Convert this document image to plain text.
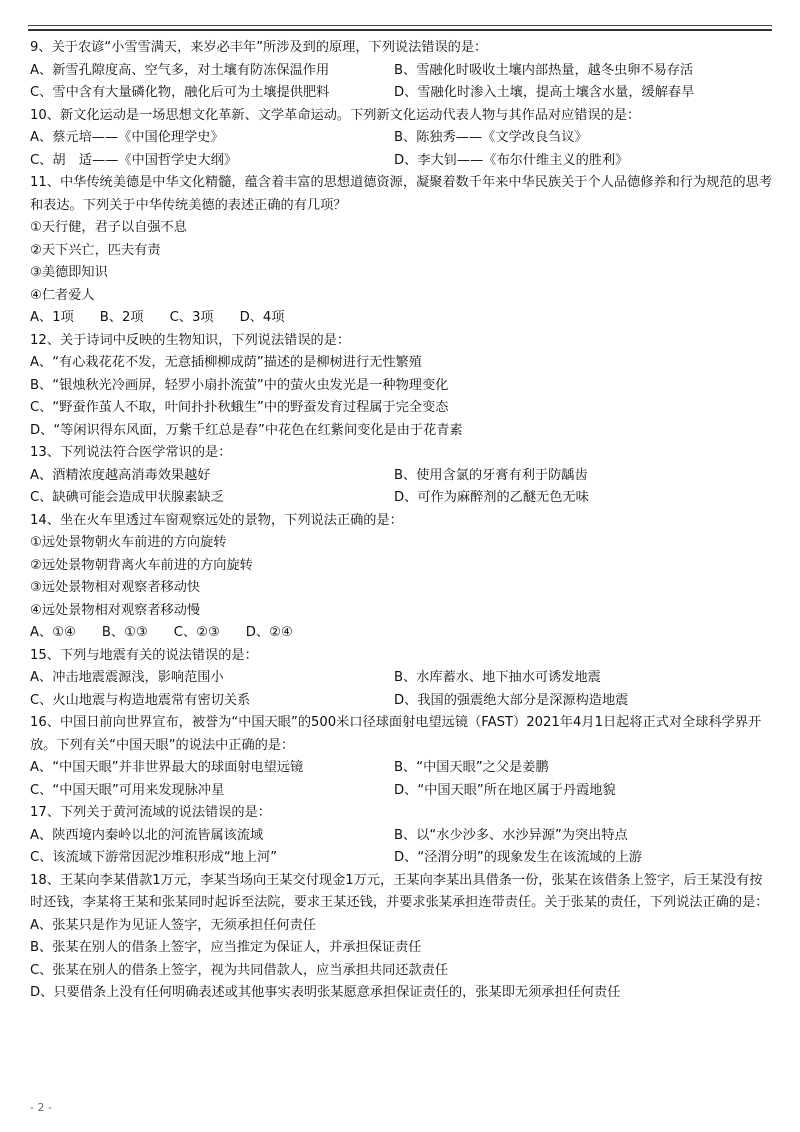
9、关于农谚“小雪雪满天，来岁必丰年”所涉及到的原理，下列说法错误的是：
A、新雪孔隙度高、空气多，对土壤有防冻保温作用	B、雪融化时吸收土壤内部热量，越冬虫卵不易存活
C、雪中含有大量磷化物，融化后可为土壤提供肥料	D、雪融化时渗入土壤，提高土壤含水量，缓解春旱
10、新文化运动是一场思想文化革新、文学革命运动。下列新文化运动代表人物与其作品对应错误的是：
A、蔡元培——《中国伦理学史》	B、陈独秀——《文学改良刍议》
C、胡　适——《中国哲学史大纲》	D、李大钊——《布尔什维主义的胜利》
11、中华传统美德是中华文化精髓，蕴含着丰富的思想道德资源，凝聚着数千年来中华民族关于个人品德修养和行为规范的思考和表达。下列关于中华传统美德的表述正确的有几项？
①天行健，君子以自强不息
②天下兴亡，匹夫有责
③美德即知识
④仁者爱人
A、1项 B、2项 C、3项 D、4项
12、关于诗词中反映的生物知识，下列说法错误的是：
A、“有心栽花花不发，无意插柳柳成荫”描述的是柳树进行无性繁殖
B、“银烛秋光冷画屏，轻罗小扇扑流萤”中的萤火虫发光是一种物理变化
C、“野蚕作茧人不取，叶间扑扑秋蛾生”中的野蚕发育过程属于完全变态
D、“等闲识得东风面，万紫千红总是春”中花色在红紫间变化是由于花青素
13、下列说法符合医学常识的是：
A、酒精浓度越高消毒效果越好	B、使用含氯的牙膏有利于防龋齿
C、缺碘可能会造成甲状腺素缺乏	D、可作为麻醉剂的乙醚无色无味
14、坐在火车里透过车窗观察远处的景物，下列说法正确的是：
①远处景物朝火车前进的方向旋转
②远处景物朝背离火车前进的方向旋转
③远处景物相对观察者移动快
④远处景物相对观察者移动慢
A、①④ B、①③ C、②③ D、②④
15、下列与地震有关的说法错误的是：
A、冲击地震震源浅，影响范围小	B、水库蓄水、地下抽水可诱发地震
C、火山地震与构造地震常有密切关系	D、我国的强震绝大部分是深源构造地震
16、中国日前向世界宣布，被誉为“中国天眼”的500米口径球面射电望远镜（FAST）2021年4月1日起将正式对全球科学界开放。下列有关“中国天眼”的说法中正确的是：
A、“中国天眼”并非世界最大的球面射电望远镜	B、“中国天眼”之父是姜鹏
C、“中国天眼”可用来发现脉冲星	D、“中国天眼”所在地区属于丹霞地貌
17、下列关于黄河流域的说法错误的是：
A、陕西境内秦岭以北的河流皆属该流域	B、以“水少沙多、水沙异源”为突出特点
C、该流域下游常因泥沙堆积形成“地上河”	D、“泾渭分明”的现象发生在该流域的上游
18、王某向李某借款1万元，李某当场向王某交付现金1万元，王某向李某出具借条一份，张某在该借条上签字，后王某没有按时还钱，李某将王某和张某同时起诉至法院，要求王某还钱，并要求张某承担连带责任。关于张某的责任，下列说法正确的是：
A、张某只是作为见证人签字，无须承担任何责任
B、张某在别人的借条上签字，应当推定为保证人，并承担保证责任
C、张某在别人的借条上签字，视为共同借款人，应当承担共同还款责任
D、只要借条上没有任何明确表述或其他事实表明张某愿意承担保证责任的，张某即无须承担任何责任
- 2 -
